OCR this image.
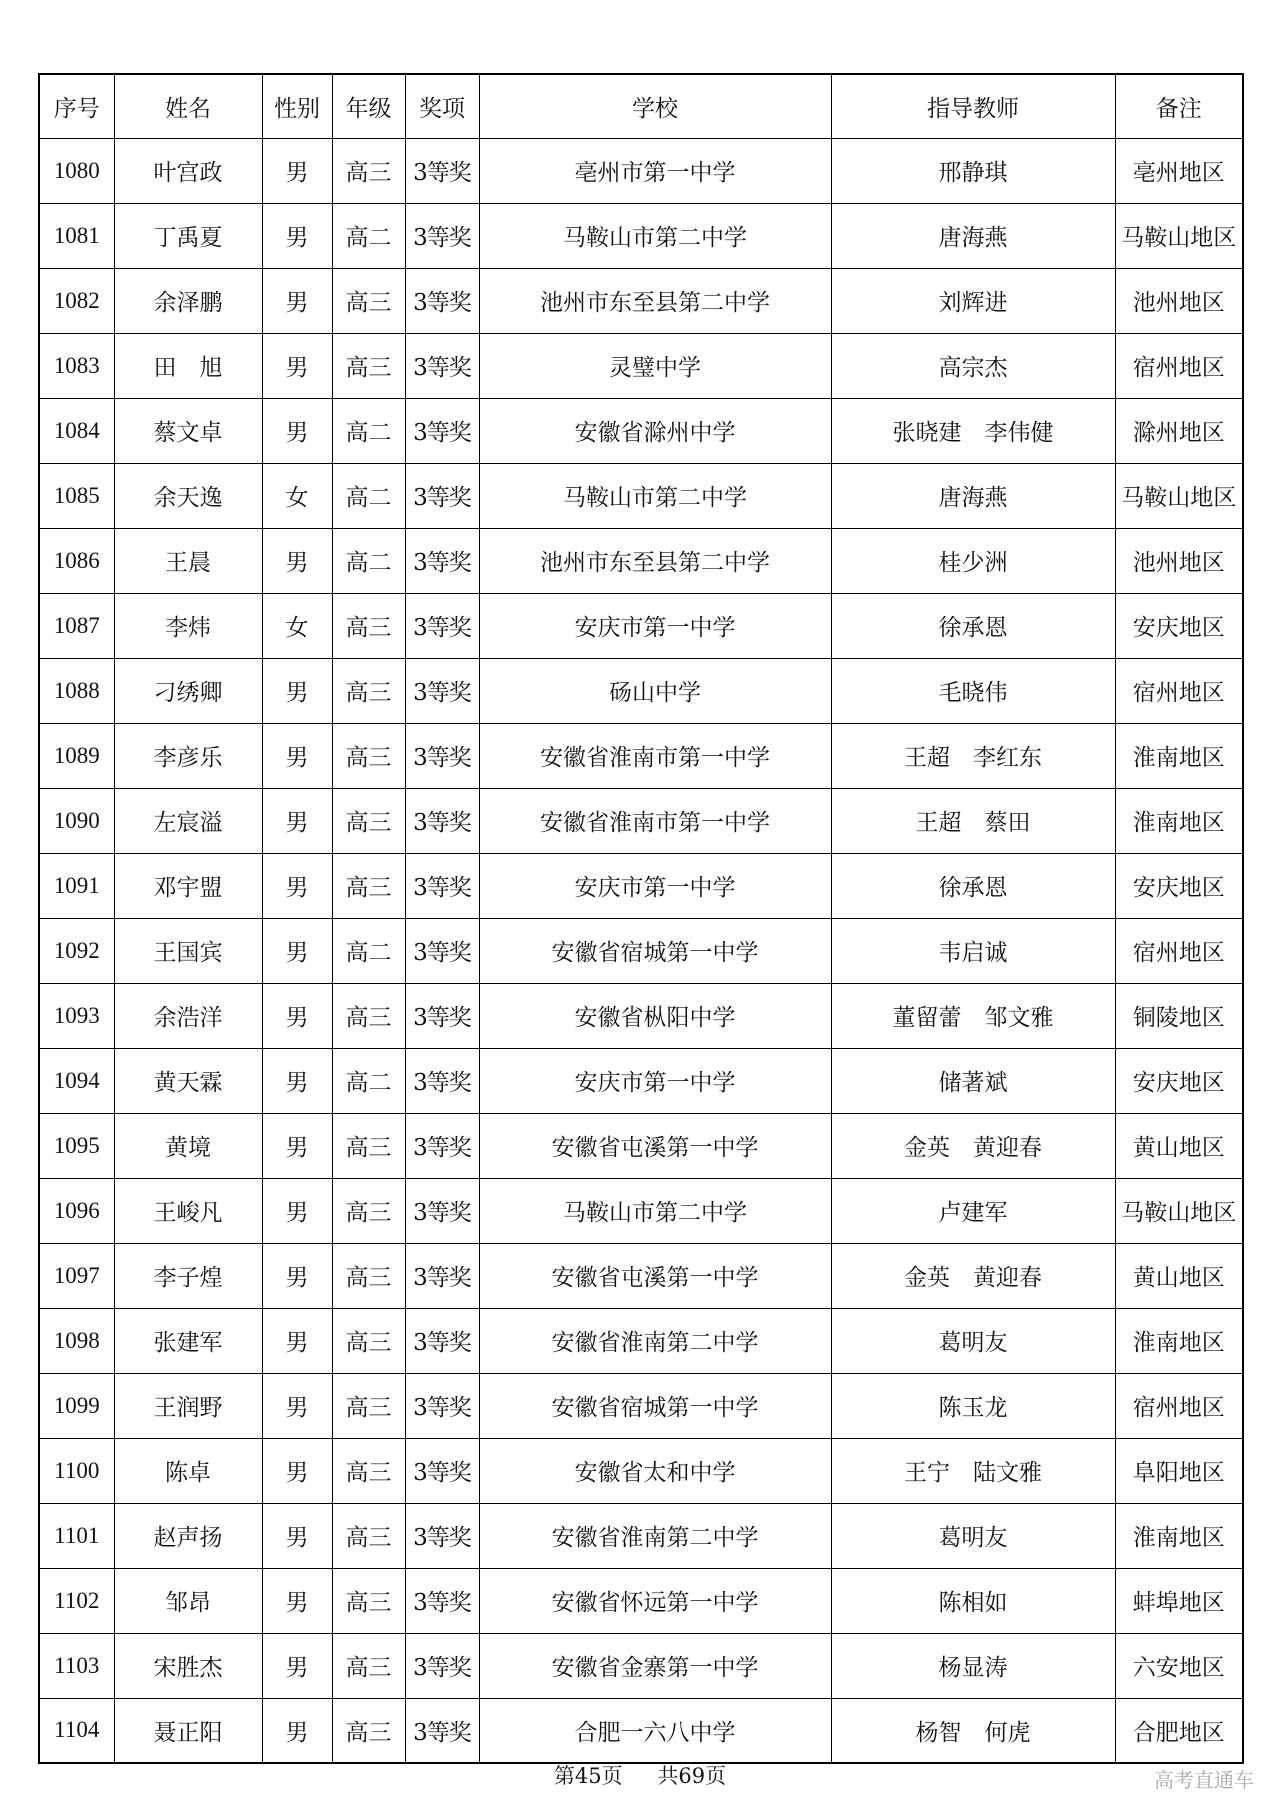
序号	姓名	性别	年级	奖项	学校	指导教师	备注
1080	叶宫政	男	高三	3等奖	亳州市第一中学	邢静琪	亳州地区
1081	丁禹夏	男	高二	3等奖	马鞍山市第二中学	唐海燕	马鞍山地区
1082	余泽鹏	男	高三	3等奖	池州市东至县第二中学	刘辉进	池州地区
1083	田　旭	男	高三	3等奖	灵璧中学	高宗杰	宿州地区
1084	蔡文卓	男	高二	3等奖	安徽省滁州中学	张晓建　李伟健	滁州地区
1085	余天逸	女	高二	3等奖	马鞍山市第二中学	唐海燕	马鞍山地区
1086	王晨	男	高二	3等奖	池州市东至县第二中学	桂少洲	池州地区
1087	李炜	女	高三	3等奖	安庆市第一中学	徐承恩	安庆地区
1088	刁绣卿	男	高三	3等奖	砀山中学	毛晓伟	宿州地区
1089	李彦乐	男	高三	3等奖	安徽省淮南市第一中学	王超　李红东	淮南地区
1090	左宸溢	男	高三	3等奖	安徽省淮南市第一中学	王超　蔡田	淮南地区
1091	邓宇盟	男	高三	3等奖	安庆市第一中学	徐承恩	安庆地区
1092	王国宾	男	高二	3等奖	安徽省宿城第一中学	韦启诚	宿州地区
1093	余浩洋	男	高三	3等奖	安徽省枞阳中学	董留蕾　邹文雅	铜陵地区
1094	黄天霖	男	高二	3等奖	安庆市第一中学	储著斌	安庆地区
1095	黄境	男	高三	3等奖	安徽省屯溪第一中学	金英　黄迎春	黄山地区
1096	王峻凡	男	高三	3等奖	马鞍山市第二中学	卢建军	马鞍山地区
1097	李子煌	男	高三	3等奖	安徽省屯溪第一中学	金英　黄迎春	黄山地区
1098	张建军	男	高三	3等奖	安徽省淮南第二中学	葛明友	淮南地区
1099	王润野	男	高三	3等奖	安徽省宿城第一中学	陈玉龙	宿州地区
1100	陈卓	男	高三	3等奖	安徽省太和中学	王宁　陆文雅	阜阳地区
1101	赵声扬	男	高三	3等奖	安徽省淮南第二中学	葛明友	淮南地区
1102	邹昂	男	高三	3等奖	安徽省怀远第一中学	陈相如	蚌埠地区
1103	宋胜杰	男	高三	3等奖	安徽省金寨第一中学	杨显涛	六安地区
1104	聂正阳	男	高三	3等奖	合肥一六八中学	杨智　何虎	合肥地区
第45页 共69页	高考直通车
